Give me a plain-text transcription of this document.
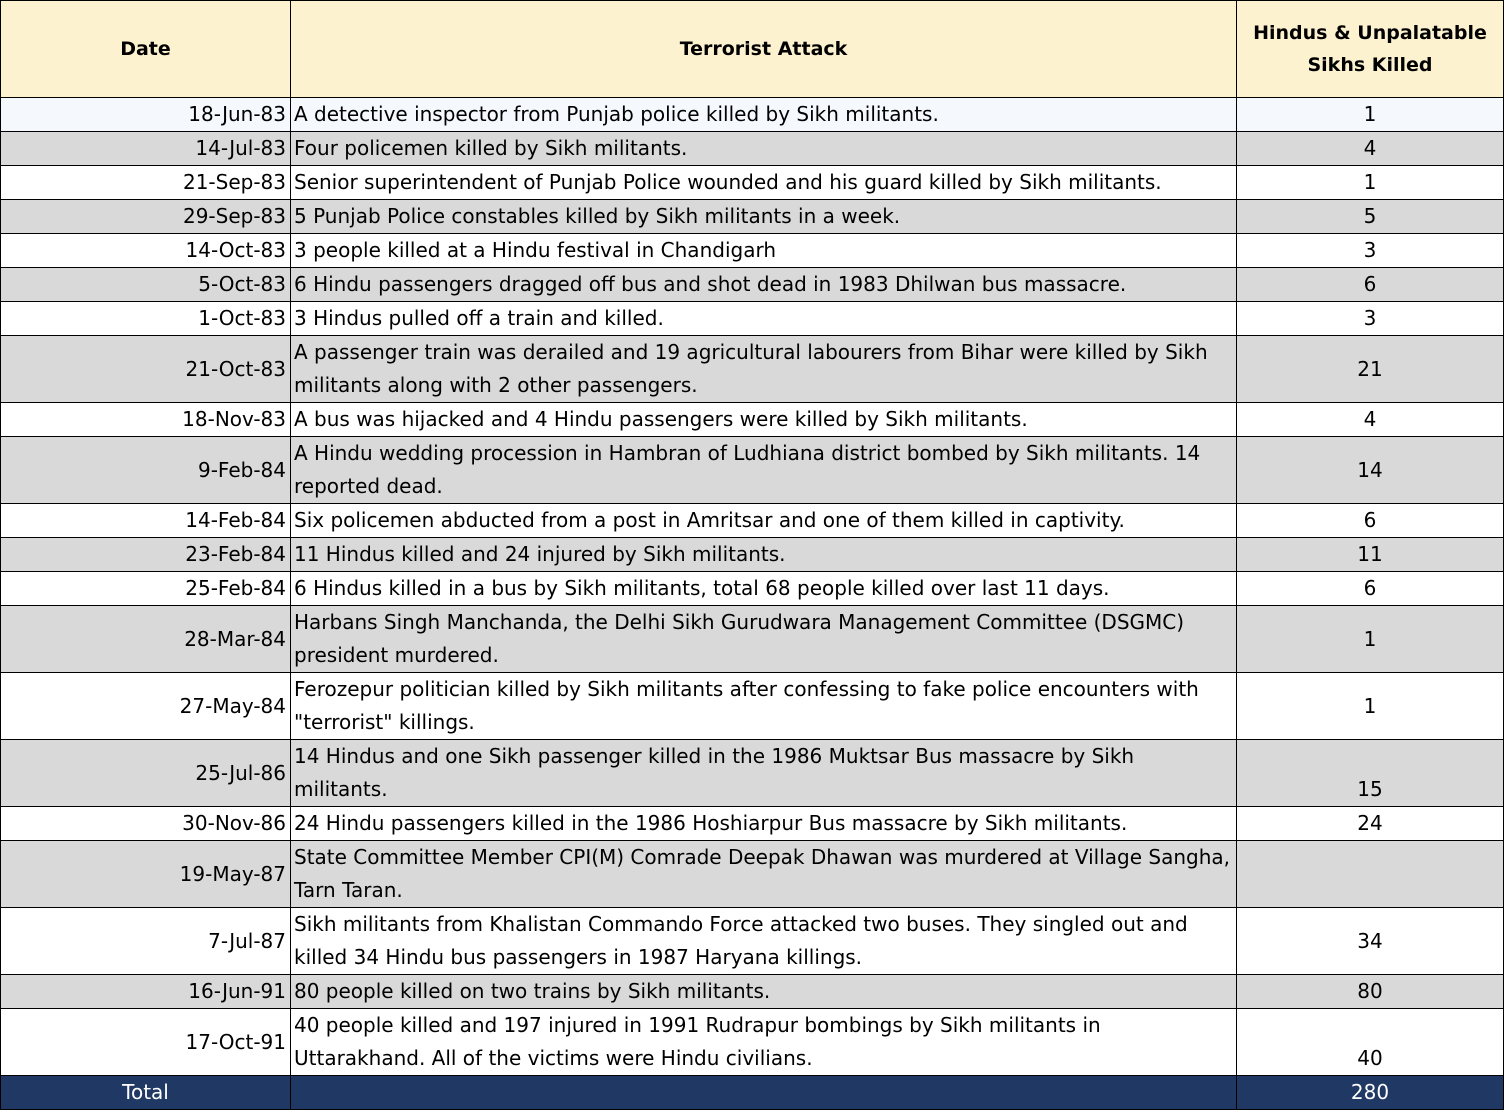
Date	Terrorist Attack	Hindus & Unpalatable
Sikhs Killed
18-Jun-83	A detective inspector from Punjab police killed by Sikh militants.	1
14-Jul-83	Four policemen killed by Sikh militants.	4
21-Sep-83	Senior superintendent of Punjab Police wounded and his guard killed by Sikh militants.	1
29-Sep-83	5 Punjab Police constables killed by Sikh militants in a week.	5
14-Oct-83	3 people killed at a Hindu festival in Chandigarh	3
5-Oct-83	6 Hindu passengers dragged off bus and shot dead in 1983 Dhilwan bus massacre.	6
1-Oct-83	3 Hindus pulled off a train and killed.	3
21-Oct-83	A passenger train was derailed and 19 agricultural labourers from Bihar were killed by Sikh militants along with 2 other passengers.	21
18-Nov-83	A bus was hijacked and 4 Hindu passengers were killed by Sikh militants.	4
9-Feb-84	A Hindu wedding procession in Hambran of Ludhiana district bombed by Sikh militants. 14 reported dead.	14
14-Feb-84	Six policemen abducted from a post in Amritsar and one of them killed in captivity.	6
23-Feb-84	11 Hindus killed and 24 injured by Sikh militants.	11
25-Feb-84	6 Hindus killed in a bus by Sikh militants, total 68 people killed over last 11 days.	6
28-Mar-84	Harbans Singh Manchanda, the Delhi Sikh Gurudwara Management Committee (DSGMC) president murdered.	1
27-May-84	Ferozepur politician killed by Sikh militants after confessing to fake police encounters with "terrorist" killings.	1
25-Jul-86	14 Hindus and one Sikh passenger killed in the 1986 Muktsar Bus massacre by Sikh militants.	15
30-Nov-86	24 Hindu passengers killed in the 1986 Hoshiarpur Bus massacre by Sikh militants.	24
19-May-87	State Committee Member CPI(M) Comrade Deepak Dhawan was murdered at Village Sangha, Tarn Taran.	
7-Jul-87	Sikh militants from Khalistan Commando Force attacked two buses. They singled out and killed 34 Hindu bus passengers in 1987 Haryana killings.	34
16-Jun-91	80 people killed on two trains by Sikh militants.	80
17-Oct-91	40 people killed and 197 injured in 1991 Rudrapur bombings by Sikh militants in Uttarakhand. All of the victims were Hindu civilians.	40
Total		280
